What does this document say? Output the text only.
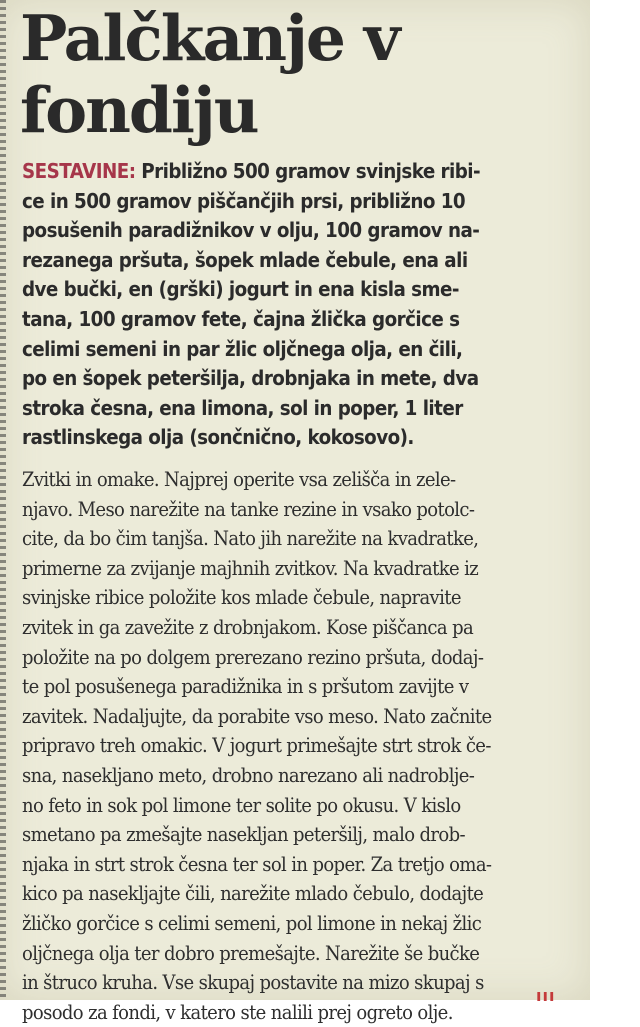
Palčkanje v
fondiju
SESTAVINE: Približno 500 gramov svinjske ribi-
ce in 500 gramov piščančjih prsi, približno 10
posušenih paradižnikov v olju, 100 gramov na-
rezanega pršuta, šopek mlade čebule, ena ali
dve bučki, en (grški) jogurt in ena kisla sme-
tana, 100 gramov fete, čajna žlička gorčice s
celimi semeni in par žlic oljčnega olja, en čili,
po en šopek peteršilja, drobnjaka in mete, dva
stroka česna, ena limona, sol in poper, 1 liter
rastlinskega olja (sončnično, kokosovo).
Zvitki in omake. Najprej operite vsa zelišča in zele-
njavo. Meso narežite na tanke rezine in vsako potolc-
cite, da bo čim tanjša. Nato jih narežite na kvadratke,
primerne za zvijanje majhnih zvitkov. Na kvadratke iz
svinjske ribice položite kos mlade čebule, napravite
zvitek in ga zavežite z drobnjakom. Kose piščanca pa
položite na po dolgem prerezano rezino pršuta, dodaj-
te pol posušenega paradižnika in s pršutom zavijte v
zavitek. Nadaljujte, da porabite vso meso. Nato začnite
pripravo treh omakic. V jogurt primešajte strt strok če-
sna, nasekljano meto, drobno narezano ali nadroblje-
no feto in sok pol limone ter solite po okusu. V kislo
smetano pa zmešajte nasekljan peteršilj, malo drob-
njaka in strt strok česna ter sol in poper. Za tretjo oma-
kico pa nasekljajte čili, narežite mlado čebulo, dodajte
žličko gorčice s celimi semeni, pol limone in nekaj žlic
oljčnega olja ter dobro premešajte. Narežite še bučke
in štruco kruha. Vse skupaj postavite na mizo skupaj s
posodo za fondi, v katero ste nalili prej ogreto olje.
ııı
